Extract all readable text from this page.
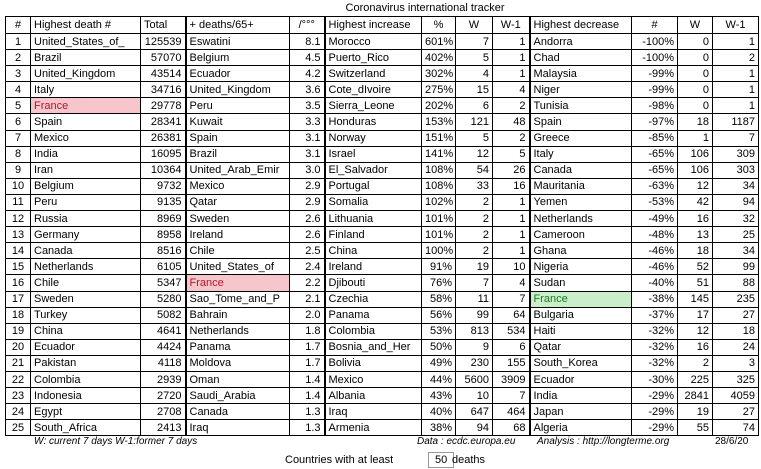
Coronavirus international tracker
#	Highest death #	Total	+ deaths/65+	/°°°	Highest increase	%	W	W-1	Highest decrease	#	W	W-1
1	United_States_of_	125539	Eswatini	8.1	Morocco	601%	7	1	Andorra	-100%	0	1
2	Brazil	57070	Belgium	4.5	Puerto_Rico	402%	5	1	Chad	-100%	0	2
3	United_Kingdom	43514	Ecuador	4.2	Switzerland	302%	4	1	Malaysia	-99%	0	1
4	Italy	34716	United_Kingdom	3.6	Cote_dIvoire	275%	15	4	Niger	-99%	0	1
5	France	29778	Peru	3.5	Sierra_Leone	202%	6	2	Tunisia	-98%	0	1
6	Spain	28341	Kuwait	3.3	Honduras	153%	121	48	Spain	-97%	18	1187
7	Mexico	26381	Spain	3.1	Norway	151%	5	2	Greece	-85%	1	7
8	India	16095	Brazil	3.1	Israel	141%	12	5	Italy	-65%	106	309
9	Iran	10364	United_Arab_Emir	3.0	El_Salvador	108%	54	26	Canada	-65%	106	303
10	Belgium	9732	Mexico	2.9	Portugal	108%	33	16	Mauritania	-63%	12	34
11	Peru	9135	Qatar	2.9	Somalia	102%	2	1	Yemen	-53%	42	94
12	Russia	8969	Sweden	2.6	Lithuania	101%	2	1	Netherlands	-49%	16	32
13	Germany	8958	Ireland	2.6	Finland	101%	2	1	Cameroon	-48%	13	25
14	Canada	8516	Chile	2.5	China	100%	2	1	Ghana	-46%	18	34
15	Netherlands	6105	United_States_of	2.4	Ireland	91%	19	10	Nigeria	-46%	52	99
16	Chile	5347	France	2.2	Djibouti	76%	7	4	Sudan	-40%	51	88
17	Sweden	5280	Sao_Tome_and_P	2.1	Czechia	58%	11	7	France	-38%	145	235
18	Turkey	5082	Bahrain	2.0	Panama	56%	99	64	Bulgaria	-37%	17	27
19	China	4641	Netherlands	1.8	Colombia	53%	813	534	Haiti	-32%	12	18
20	Ecuador	4424	Panama	1.7	Bosnia_and_Her	50%	9	6	Qatar	-32%	16	24
21	Pakistan	4118	Moldova	1.7	Bolivia	49%	230	155	South_Korea	-32%	2	3
22	Colombia	2939	Oman	1.4	Mexico	44%	5600	3909	Ecuador	-30%	225	325
23	Indonesia	2720	Saudi_Arabia	1.4	Albania	43%	10	7	India	-29%	2841	4059
24	Egypt	2708	Canada	1.3	Iraq	40%	647	464	Japan	-29%	19	27
25	South_Africa	2413	Iraq	1.3	Armenia	38%	94	68	Algeria	-29%	55	74
W: current 7 days W-1:former 7 days	Data : ecdc.europa.eu Analysis : http://longterme.org	28/6/20
Countries with at least	50 deaths
